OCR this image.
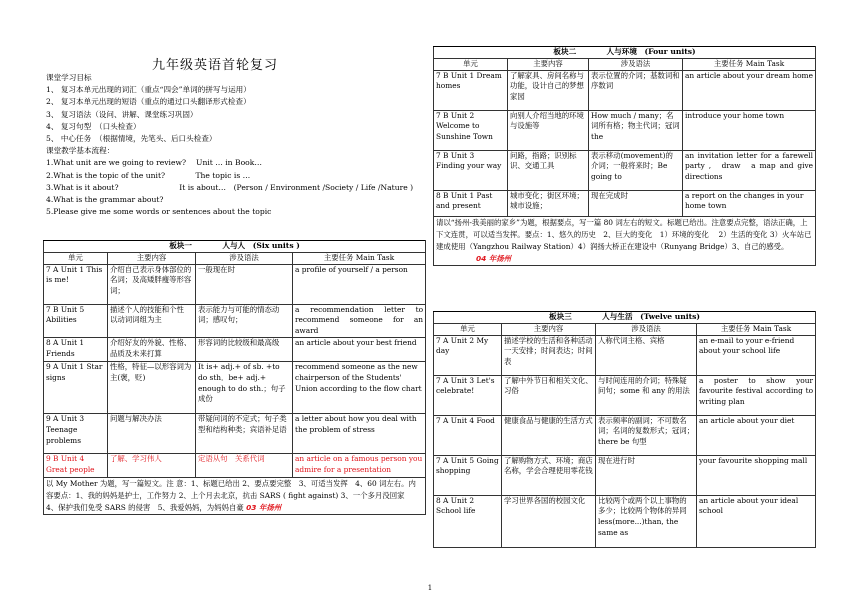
九年级英语首轮复习
课堂学习目标
1、 复习本单元出现的词汇（重点“四会”单词的拼写与运用）
2、 复习本单元出现的短语（重点的通过口头翻译形式检查）
3、 复习语法（设问、讲解、课堂练习巩固）
4、 复习句型　（口头检查）
5、 中心任务　（根据情境，先笔头、后口头检查）
课堂教学基本流程：
1.What unit are we going to review?　 Unit … in Book…
2.What is the topic of the unit?　　　　The topic is …
3.What is it about?　　　　　　　　It is about…　(Person / Environment /Society / Life /Nature )
4.What is the grammar about?
5.Please give me some words or sentences about the topic
板块一　　　　人与人　(Six units )			
单元	主要内容	涉及语法	主要任务 Main Task
7 A Unit 1 This is me!	介绍自己表示身体部位的名词；及高矮胖瘦等形容词；	一般现在时	a profile of yourself / a person
7 B Unit 5 Abilities	描述个人的技能和个性 以动词词组为主	表示能力与可能的情态动词；感叹句；	a recommendation letter to recommend someone for an award
8 A Unit 1 Friends	介绍好友的外貌、性格、品质及未来打算	形容词的比较级和最高级	an article about your best friend
9 A Unit 1 Star signs	性格，特征—以形容词为主(褒，贬)	It is+ adj.+ of sb. +to do sth．be+ adj.+ enough to do sth.；句子成份	recommend someone as the new chairperson of the Students' Union according to the flow chart
9 A Unit 3 Teenage problems	问题与解决办法	带疑问词的不定式；句子类型和结构种类；宾语补足语	a letter about how you deal with the problem of stress
9 B Unit 4 Great people	了解、学习伟人	定语从句　关系代词	an article on a famous person you admire for a presentation
以 My Mother 为题，写一篇短文。注 意：1、标题已给出 2、要点要完整　3、可适当发挥　4、60 词左右。内容要点：1、我的妈妈是护士，工作努力 2、上个月去北京，抗击 SARS ( fight against) 3、一个多月没回家　 4、保护我们免受 SARS 的侵害　5、我爱妈妈，为妈妈自豪 03 年扬州			
板块二　　　　人与环境　(Four units)			
单元	主要内容	涉及语法	主要任务 Main Task
7 B Unit 1 Dream homes	了解家具、房间名称与功能，设计自己的梦想家园	表示位置的介词；基数词和序数词	an article about your dream home
7 B Unit 2 Welcome to Sunshine Town	向别人介绍当地的环境与设施等	How much / many；名词所有格；物主代词；冠词　the	introduce your home town
7 B Unit 3 Finding your way	问路，指路；识别标识、交通工具	表示移动(movement)的介词；一般将来时；Be going to	an invitation letter for a farewell party ,　draw　a map and give directions
8 B Unit 1 Past and present	城市变化；街区环境；城市设施；	现在完成时	a report on the changes in your home town
请以“扬州-我美丽的家乡”为题，根据要点，写一篇 80 词左右的短文。标题已给出。注意要点完整，语法正确，上下文连贯，可以适当发挥。要点：1、悠久的历史　2、巨大的变化　1）环境的变化　 2）生活的变化 3）火车站已建成使用（Yangzhou Railway Station）4）润扬大桥正在建设中（Runyang Bridge）3、自己的感受。 04 年扬州			
板块三　　　　人与生活　(Twelve units)			
单元	主要内容	涉及语法	主要任务 Main Task
7 A Unit 2 My day	描述学校的生活和各种活动　一天安排；时间表达；时间表	人称代词主格、宾格	an e-mail to your e-friend about your school life
7 A Unit 3 Let's celebrate!	了解中外节日和相关文化、习俗	与时间连用的介词；特殊疑问句；some 和 any 的用法	a poster to show your favourite festival according to writing plan
7 A Unit 4 Food	健康食品与健康的生活方式	表示频率的副词；不可数名词；名词的复数形式；冠词；　there be 句型	an article about your diet
7 A Unit 5 Going shopping	了解购物方式、环境；商店名称，学会合理使用零花钱	现在进行时	your favourite shopping mall
8 A Unit 2 School life	学习世界各国的校园文化	比较两个或两个以上事物的多少；比较两个物体的异同 less(more...)than, the same as	an article about your ideal school
1
